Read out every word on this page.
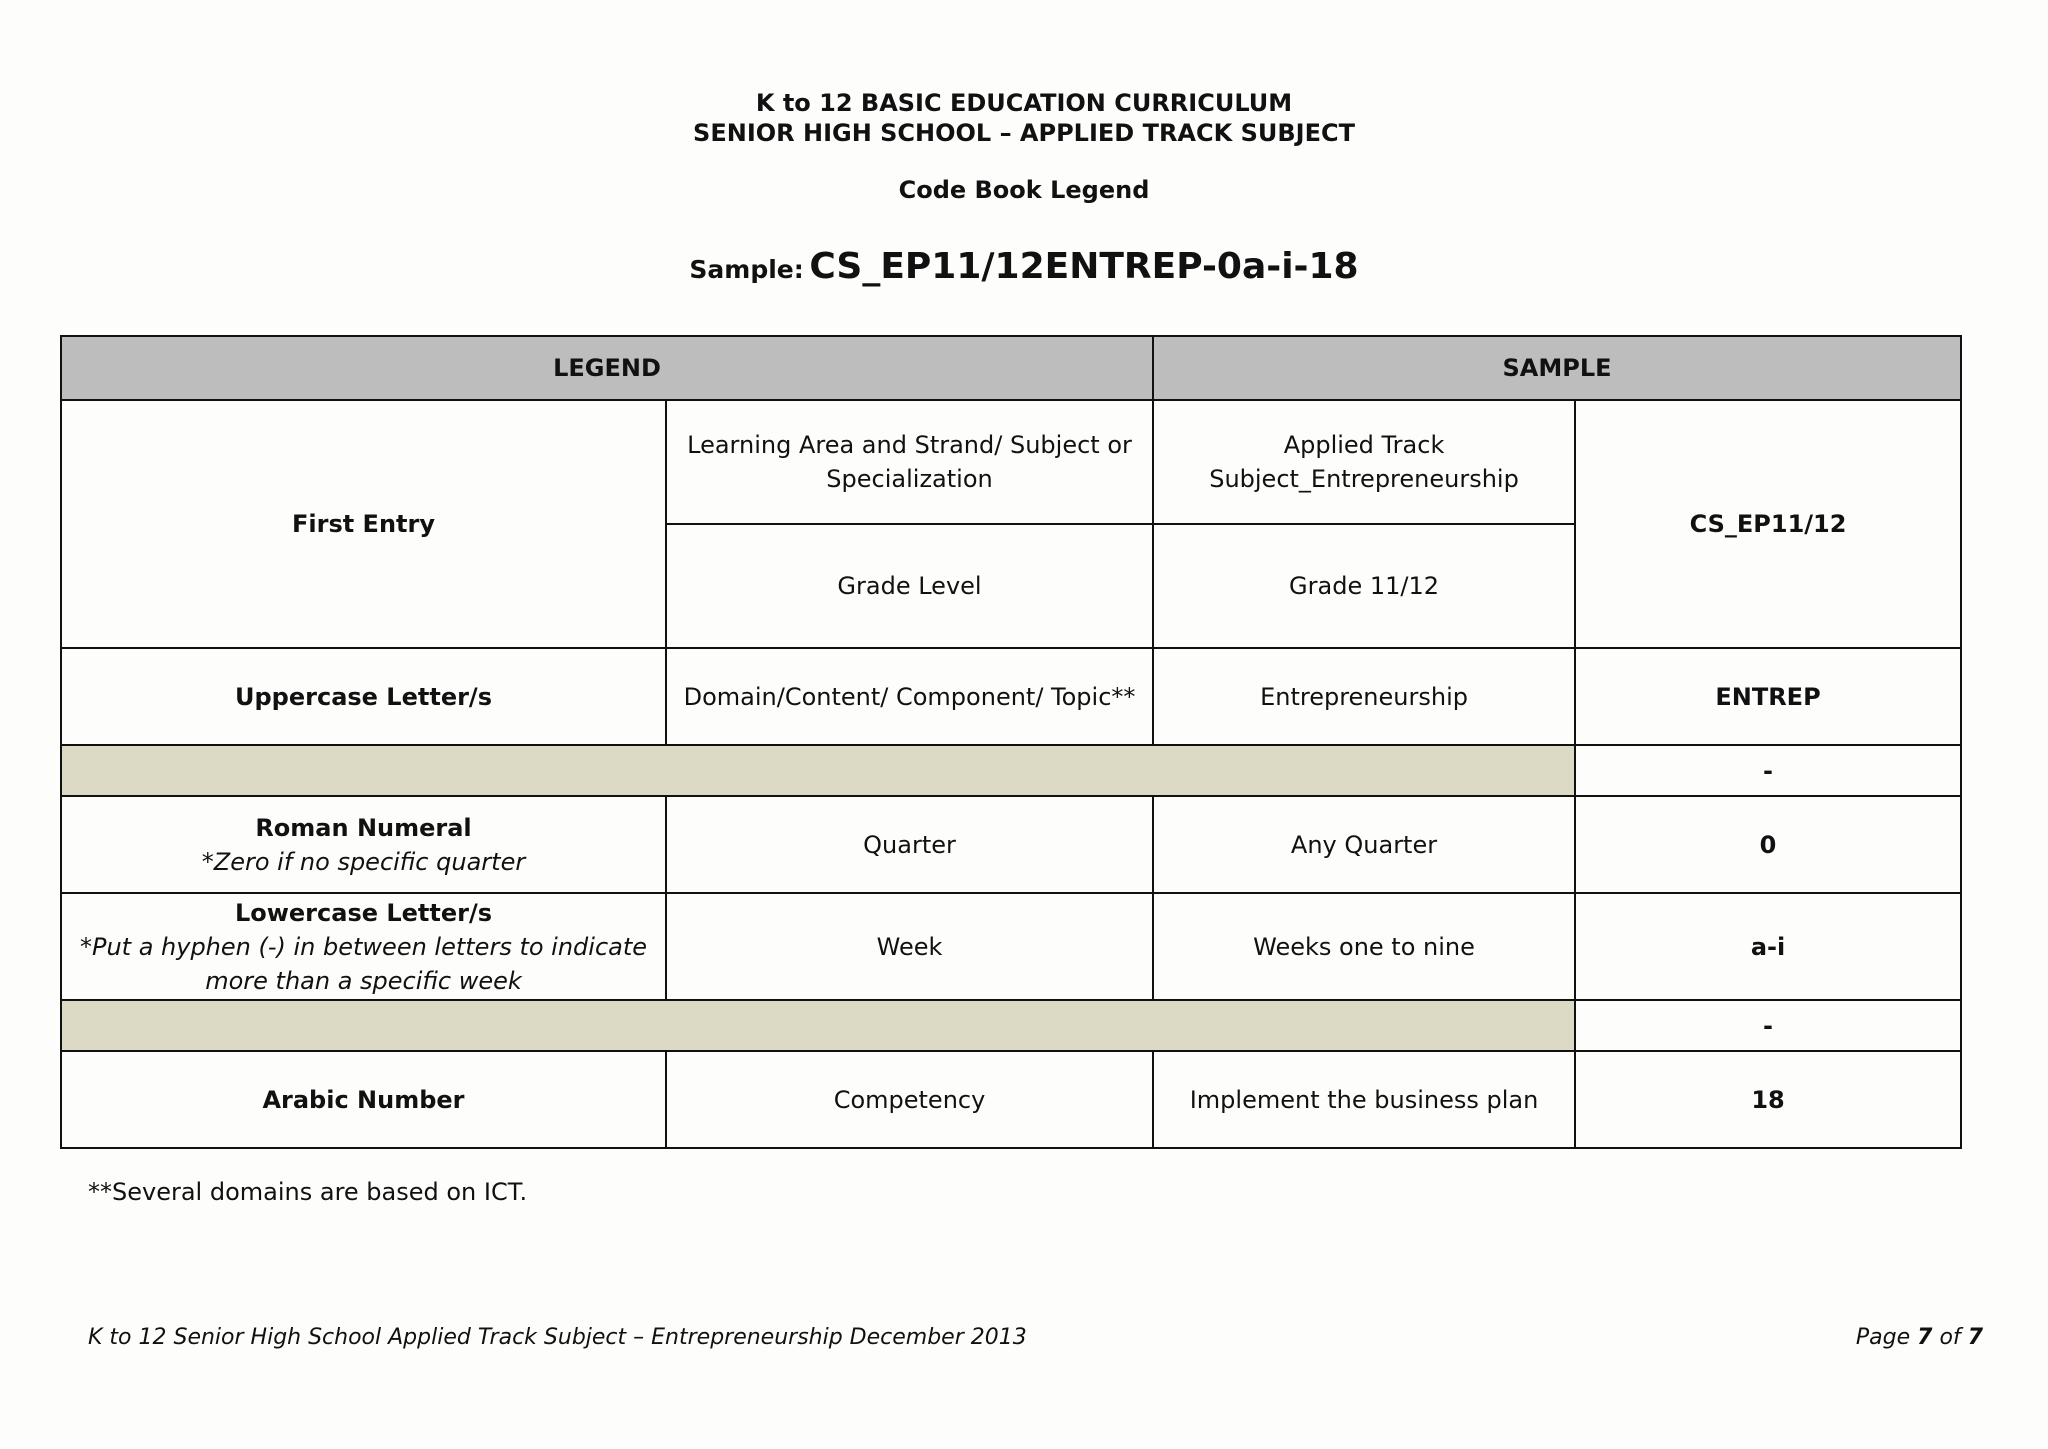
K to 12 BASIC EDUCATION CURRICULUM
SENIOR HIGH SCHOOL – APPLIED TRACK SUBJECT
Code Book Legend
Sample: CS_EP11/12ENTREP-0a-i-18
LEGEND		SAMPLE	
First Entry	Learning Area and Strand/ Subject or Specialization	Applied Track Subject_Entrepreneurship	CS_EP11/12
	Grade Level	Grade 11/12	
Uppercase Letter/s	Domain/Content/ Component/ Topic**	Entrepreneurship	ENTREP
			-

Roman Numeral
*Zero if no specific quarter	Quarter	Any Quarter	0

Lowercase Letter/s
*Put a hyphen (-) in between letters to indicate more than a specific week	Week	Weeks one to nine	a-i
			-
Arabic Number	Competency	Implement the business plan	18
**Several domains are based on ICT.
K to 12 Senior High School Applied Track Subject – Entrepreneurship December 2013	Page 7 of 7
